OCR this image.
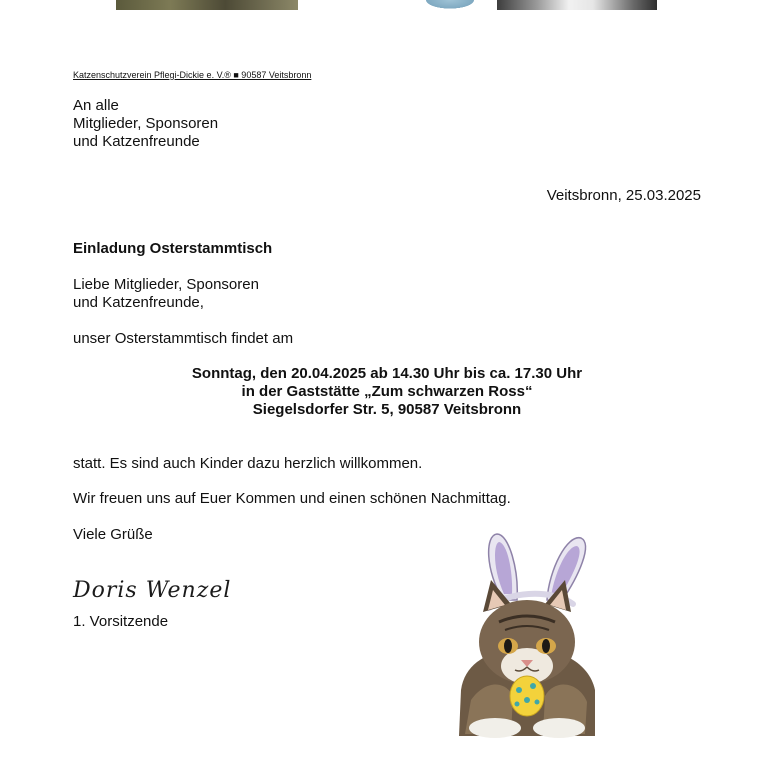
Katzenschutzverein Pflegi-Dickie e. V.® ■ 90587 Veitsbronn
An alle
Mitglieder, Sponsoren
und Katzenfreunde
Veitsbronn, 25.03.2025
Einladung Osterstammtisch
Liebe Mitglieder, Sponsoren
und Katzenfreunde,
unser Osterstammtisch findet am
Sonntag, den 20.04.2025 ab 14.30 Uhr bis ca. 17.30 Uhr
in der Gaststätte „Zum schwarzen Ross“
Siegelsdorfer Str. 5, 90587 Veitsbronn
statt. Es sind auch Kinder dazu herzlich willkommen.
Wir freuen uns auf Euer Kommen und einen schönen Nachmittag.
Viele Grüße
Doris Wenzel
1. Vorsitzende
